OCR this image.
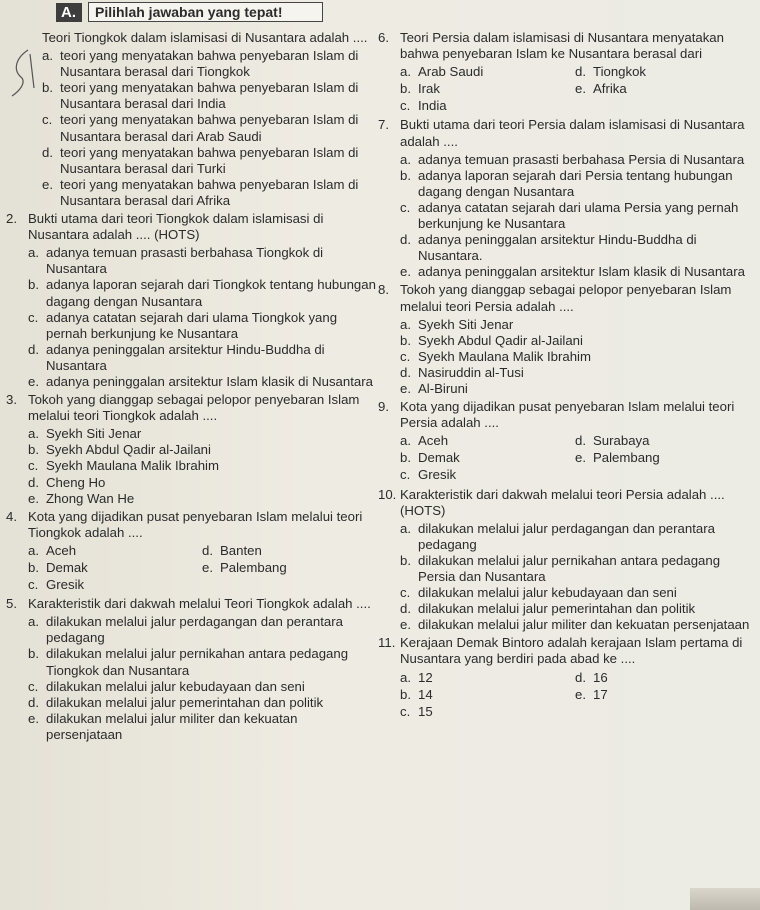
A.	Pilihlah jawaban yang tepat!
Teori Tiongkok dalam islamisasi di Nusantara adalah ....
a. teori yang menyatakan bahwa penyebaran Islam di Nusantara berasal dari Tiongkok
b. teori yang menyatakan bahwa penyebaran Islam di Nusantara berasal dari India
c. teori yang menyatakan bahwa penyebaran Islam di Nusantara berasal dari Arab Saudi
d. teori yang menyatakan bahwa penyebaran Islam di Nusantara berasal dari Turki
e. teori yang menyatakan bahwa penyebaran Islam di Nusantara berasal dari Afrika
2. Bukti utama dari teori Tiongkok dalam islamisasi di Nusantara adalah .... (HOTS)
a. adanya temuan prasasti berbahasa Tiongkok di Nusantara
b. adanya laporan sejarah dari Tiongkok tentang hubungan dagang dengan Nusantara
c. adanya catatan sejarah dari ulama Tiongkok yang pernah berkunjung ke Nusantara
d. adanya peninggalan arsitektur Hindu-Buddha di Nusantara
e. adanya peninggalan arsitektur Islam klasik di Nusantara
3. Tokoh yang dianggap sebagai pelopor penyebaran Islam melalui teori Tiongkok adalah ....
a. Syekh Siti Jenar
b. Syekh Abdul Qadir al-Jailani
c. Syekh Maulana Malik Ibrahim
d. Cheng Ho
e. Zhong Wan He
4. Kota yang dijadikan pusat penyebaran Islam melalui teori Tiongkok adalah ....
a. Aceh	d. Banten
b. Demak	e. Palembang
c. Gresik
5. Karakteristik dari dakwah melalui Teori Tiongkok adalah ....
a. dilakukan melalui jalur perdagangan dan perantara pedagang
b. dilakukan melalui jalur pernikahan antara pedagang Tiongkok dan Nusantara
c. dilakukan melalui jalur kebudayaan dan seni
d. dilakukan melalui jalur pemerintahan dan politik
e. dilakukan melalui jalur militer dan kekuatan persenjataan
6. Teori Persia dalam islamisasi di Nusantara menyatakan bahwa penyebaran Islam ke Nusantara berasal dari
a. Arab Saudi	d. Tiongkok
b. Irak	e. Afrika
c. India
7. Bukti utama dari teori Persia dalam islamisasi di Nusantara adalah ....
a. adanya temuan prasasti berbahasa Persia di Nusantara
b. adanya laporan sejarah dari Persia tentang hubungan dagang dengan Nusantara
c. adanya catatan sejarah dari ulama Persia yang pernah berkunjung ke Nusantara
d. adanya peninggalan arsitektur Hindu-Buddha di Nusantara.
e. adanya peninggalan arsitektur Islam klasik di Nusantara
8. Tokoh yang dianggap sebagai pelopor penyebaran Islam melalui teori Persia adalah ....
a. Syekh Siti Jenar
b. Syekh Abdul Qadir al-Jailani
c. Syekh Maulana Malik Ibrahim
d. Nasiruddin al-Tusi
e. Al-Biruni
9. Kota yang dijadikan pusat penyebaran Islam melalui teori Persia adalah ....
a. Aceh	d. Surabaya
b. Demak	e. Palembang
c. Gresik
10. Karakteristik dari dakwah melalui teori Persia adalah .... (HOTS)
a. dilakukan melalui jalur perdagangan dan perantara pedagang
b. dilakukan melalui jalur pernikahan antara pedagang Persia dan Nusantara
c. dilakukan melalui jalur kebudayaan dan seni
d. dilakukan melalui jalur pemerintahan dan politik
e. dilakukan melalui jalur militer dan kekuatan persenjataan
11. Kerajaan Demak Bintoro adalah kerajaan Islam pertama di Nusantara yang berdiri pada abad ke ....
a. 12	d. 16
b. 14	e. 17
c. 15
